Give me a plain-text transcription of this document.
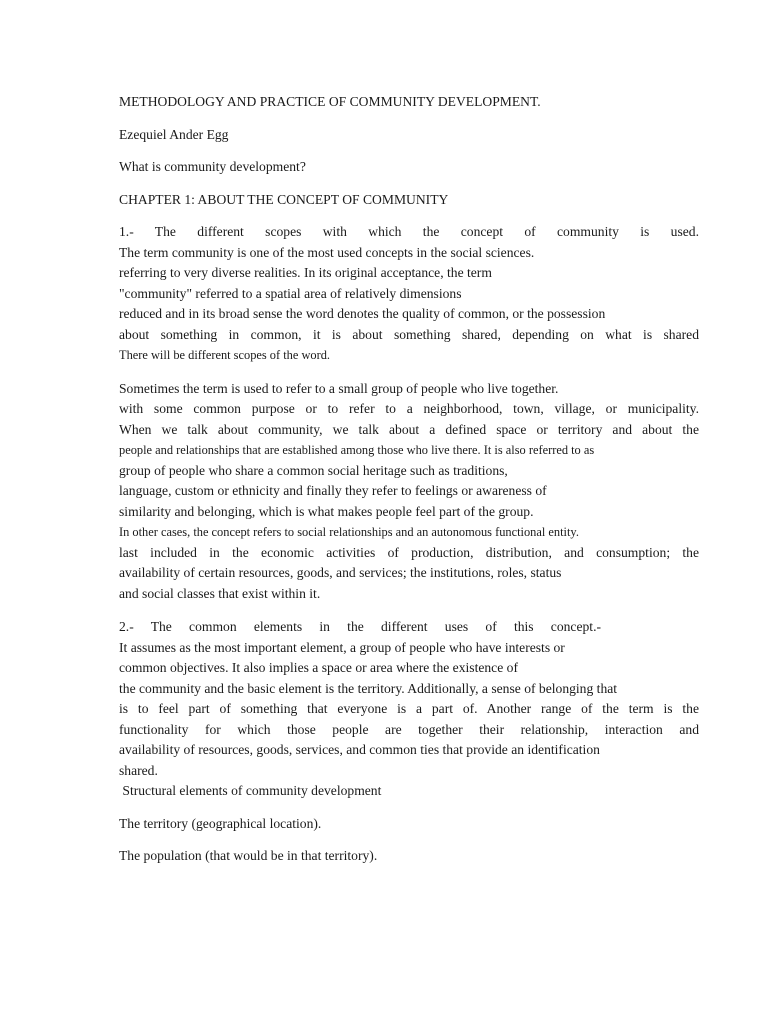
METHODOLOGY AND PRACTICE OF COMMUNITY DEVELOPMENT.
Ezequiel Ander Egg
What is community development?
CHAPTER 1: ABOUT THE CONCEPT OF COMMUNITY
1.- The different scopes with which the concept of community is used.
The term community is one of the most used concepts in the social sciences.
referring to very diverse realities. In its original acceptance, the term
"community" referred to a spatial area of relatively dimensions
reduced and in its broad sense the word denotes the quality of common, or the possession
about something in common, it is about something shared, depending on what is shared
There will be different scopes of the word.
Sometimes the term is used to refer to a small group of people who live together.
with some common purpose or to refer to a neighborhood, town, village, or municipality.
When we talk about community, we talk about a defined space or territory and about the
people and relationships that are established among those who live there. It is also referred to as
group of people who share a common social heritage such as traditions,
language, custom or ethnicity and finally they refer to feelings or awareness of
similarity and belonging, which is what makes people feel part of the group.
In other cases, the concept refers to social relationships and an autonomous functional entity.
last included in the economic activities of production, distribution, and consumption; the
availability of certain resources, goods, and services; the institutions, roles, status
and social classes that exist within it.
2.- The common elements in the different uses of this concept.-
It assumes as the most important element, a group of people who have interests or
common objectives. It also implies a space or area where the existence of
the community and the basic element is the territory. Additionally, a sense of belonging that
is to feel part of something that everyone is a part of. Another range of the term is the
functionality for which those people are together their relationship, interaction and
availability of resources, goods, services, and common ties that provide an identification
shared.
Structural elements of community development
The territory (geographical location).
The population (that would be in that territory).
